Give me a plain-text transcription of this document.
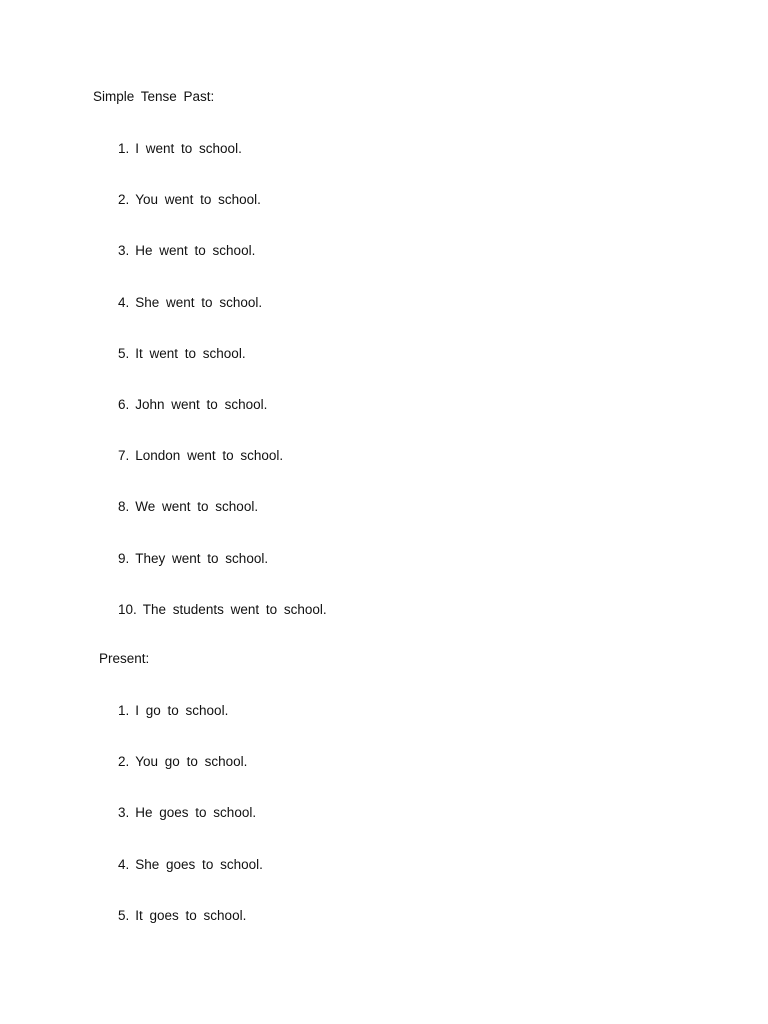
Simple Tense Past:
1. I went to school.
2. You went to school.
3. He went to school.
4. She went to school.
5. It went to school.
6. John went to school.
7. London went to school.
8. We went to school.
9. They went to school.
10. The students went to school.
Present:
1. I go to school.
2. You go to school.
3. He goes to school.
4. She goes to school.
5. It goes to school.
